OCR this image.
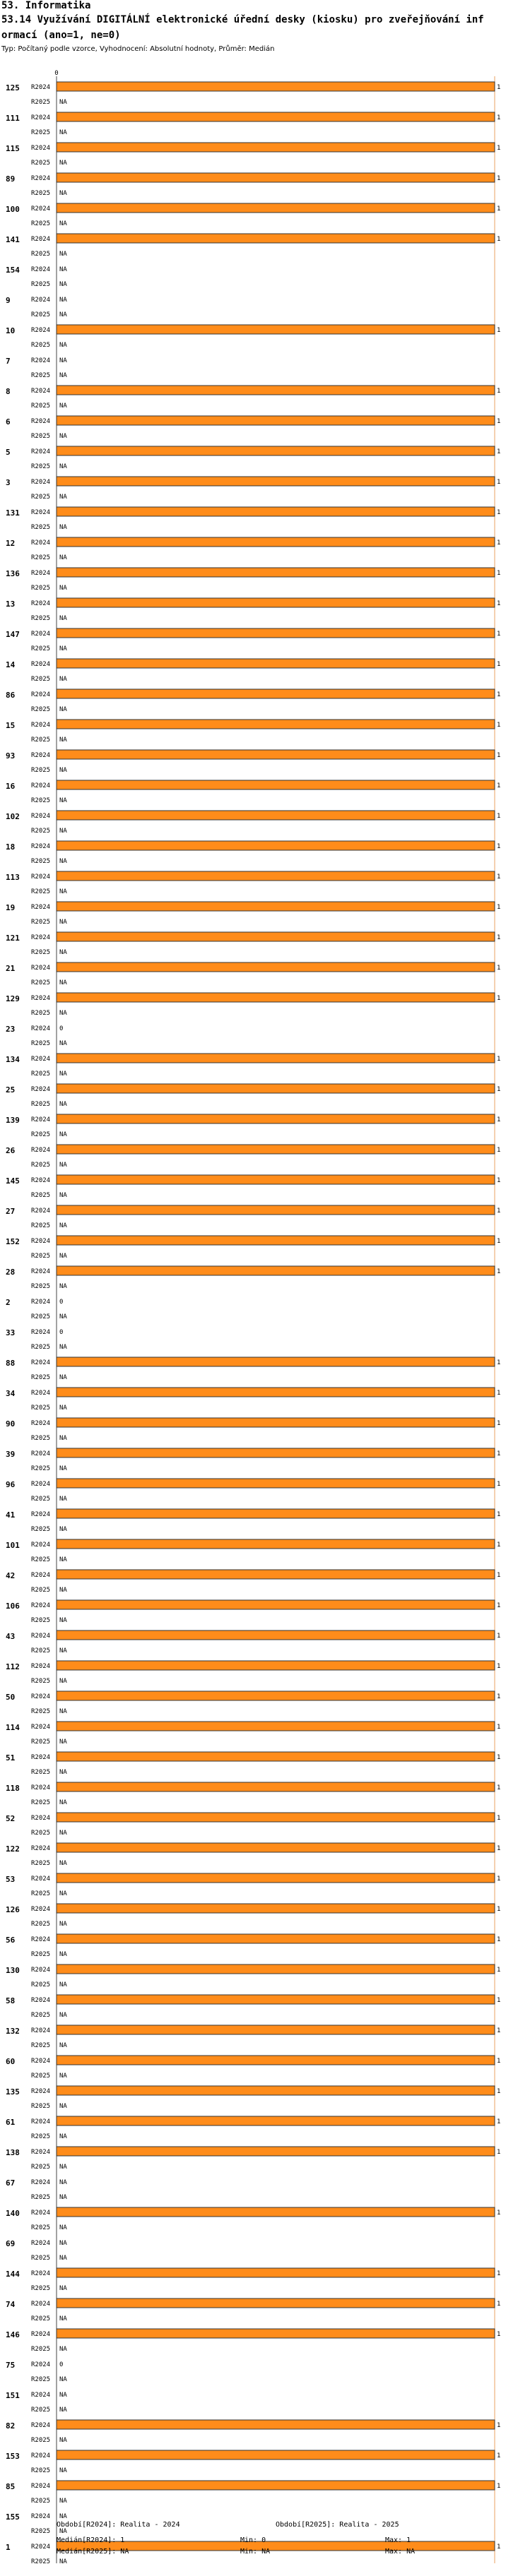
53. Informatika
53.14 Využívání DIGITÁLNÍ elektronické úřední desky (kiosku) pro zveřejňování inf
ormací (ano=1, ne=0)
Typ: Počítaný podle vzorce, Vyhodnocení: Absolutní hodnoty, Průměr: Medián
0
125 R2024	1
R2025 NA
111 R2024	1
R2025 NA
115 R2024	1
R2025 NA
89	R2024	1
R2025 NA
100 R2024	1
R2025 NA
141 R2024	1
R2025 NA
154 R2024 NA
R2025 NA
9	R2024 NA
R2025 NA
10	R2024	1
R2025 NA
7	R2024 NA
R2025 NA
8	R2024	1
R2025 NA
6	R2024	1
R2025 NA
5	R2024	1
R2025 NA
3	R2024	1
R2025 NA
131 R2024	1
R2025 NA
12	R2024	1
R2025 NA
136 R2024	1
R2025 NA
13	R2024	1
R2025 NA
147 R2024	1
R2025 NA
14	R2024	1
R2025 NA
86	R2024	1
R2025 NA
15	R2024	1
R2025 NA
93	R2024	1
R2025 NA
16	R2024	1
R2025 NA
102 R2024	1
R2025 NA
18	R2024	1
R2025 NA
113 R2024	1
R2025 NA
19	R2024	1
R2025 NA
121 R2024	1
R2025 NA
21	R2024	1
R2025 NA
129 R2024	1
R2025 NA
23	R2024 0
R2025 NA
134 R2024	1
R2025 NA
25	R2024	1
R2025 NA
139 R2024	1
R2025 NA
26	R2024	1
R2025 NA
145 R2024	1
R2025 NA
27	R2024	1
R2025 NA
152 R2024	1
R2025 NA
28	R2024	1
R2025 NA
2	R2024 0
R2025 NA
33	R2024 0
R2025 NA
88	R2024	1
R2025 NA
34	R2024	1
R2025 NA
90	R2024	1
R2025 NA
39	R2024	1
R2025 NA
96	R2024	1
R2025 NA
41	R2024	1
R2025 NA
101 R2024	1
R2025 NA
42	R2024	1
R2025 NA
106 R2024	1
R2025 NA
43	R2024	1
R2025 NA
112 R2024	1
R2025 NA
50	R2024	1
R2025 NA
114 R2024	1
R2025 NA
51	R2024	1
R2025 NA
118 R2024	1
R2025 NA
52	R2024	1
R2025 NA
122 R2024	1
R2025 NA
53	R2024	1
R2025 NA
126 R2024	1
R2025 NA
56	R2024	1
R2025 NA
130 R2024	1
R2025 NA
58	R2024	1
R2025 NA
132 R2024	1
R2025 NA
60	R2024	1
R2025 NA
135 R2024	1
R2025 NA
61	R2024	1
R2025 NA
138 R2024	1
R2025 NA
67	R2024 NA
R2025 NA
140 R2024	1
R2025 NA
69	R2024 NA
R2025 NA
144 R2024	1
R2025 NA
74	R2024	1
R2025 NA
146 R2024	1
R2025 NA
75	R2024 0
R2025 NA
151 R2024 NA
R2025 NA
82	R2024	1
R2025 NA
153 R2024	1
R2025 NA
85	R2024	1
R2025 NA
155 R2024 NA
R2025 NA
1	R2024	1
R2025 NA
Období[R2024]: Realita - 2024	Období[R2025]: Realita - 2025
Medián[R2024]: 1	Min: 0	Max: 1
Medián[R2025]: NA	Min: NA	Max: NA
